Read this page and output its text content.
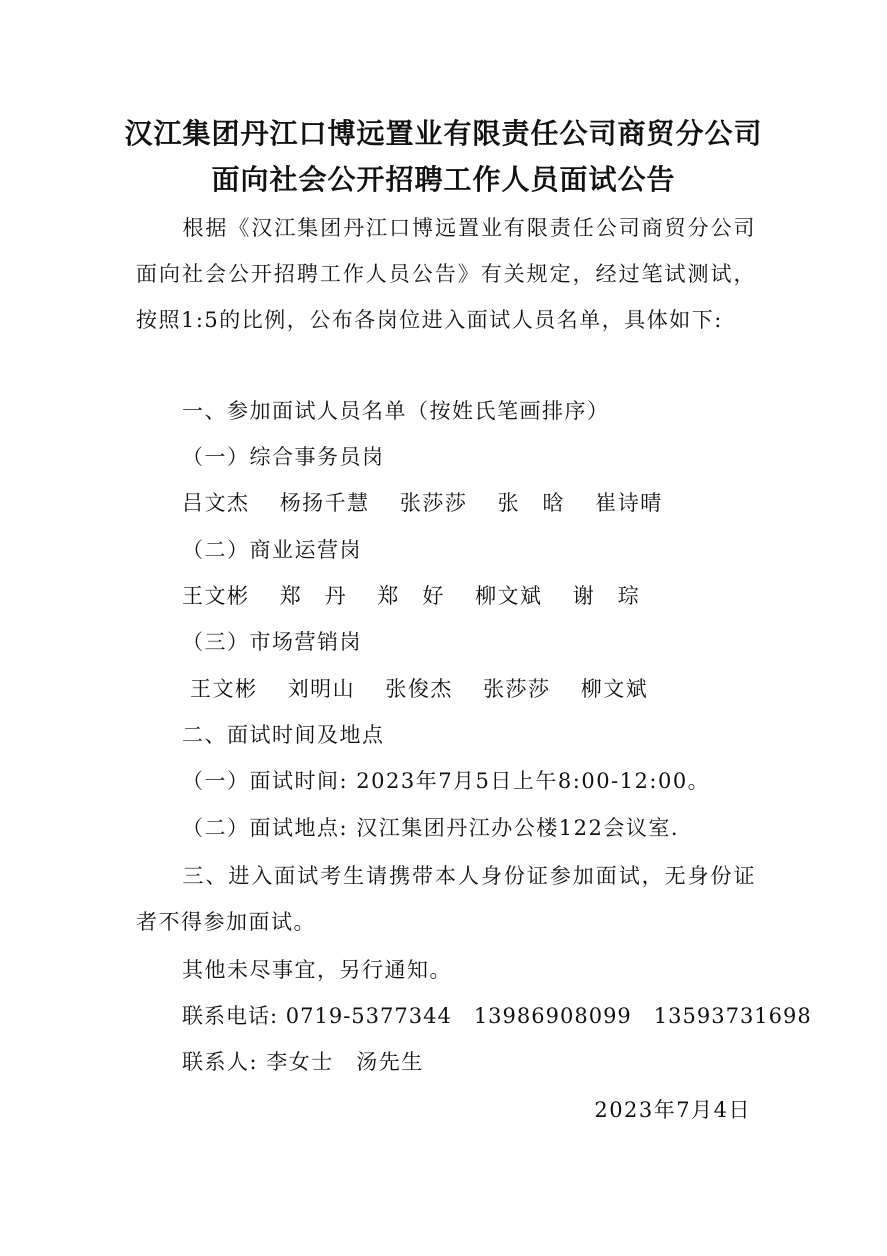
汉江集团丹江口博远置业有限责任公司商贸分公司
面向社会公开招聘工作人员面试公告

根据《汉江集团丹江口博远置业有限责任公司商贸分公司面向社会公开招聘工作人员公告》有关规定，经过笔试测试，按照1:5的比例，公布各岗位进入面试人员名单，具体如下:

一、参加面试人员名单（按姓氏笔画排序）
（一）综合事务员岗
吕文杰 杨扬千慧 张莎莎 张　晗 崔诗晴
（二）商业运营岗
王文彬 郑　丹 郑　好 柳文斌 谢　琮
（三）市场营销岗
王文彬 刘明山 张俊杰 张莎莎 柳文斌
二、面试时间及地点
（一）面试时间: 2023年7月5日上午8:00-12:00。
（二）面试地点: 汉江集团丹江办公楼122会议室.

三、进入面试考生请携带本人身份证参加面试，无身份证者不得参加面试。

其他未尽事宜，另行通知。
联系电话: 0719-5377344　13986908099　13593731698
联系人: 李女士　汤先生
2023年7月4日
